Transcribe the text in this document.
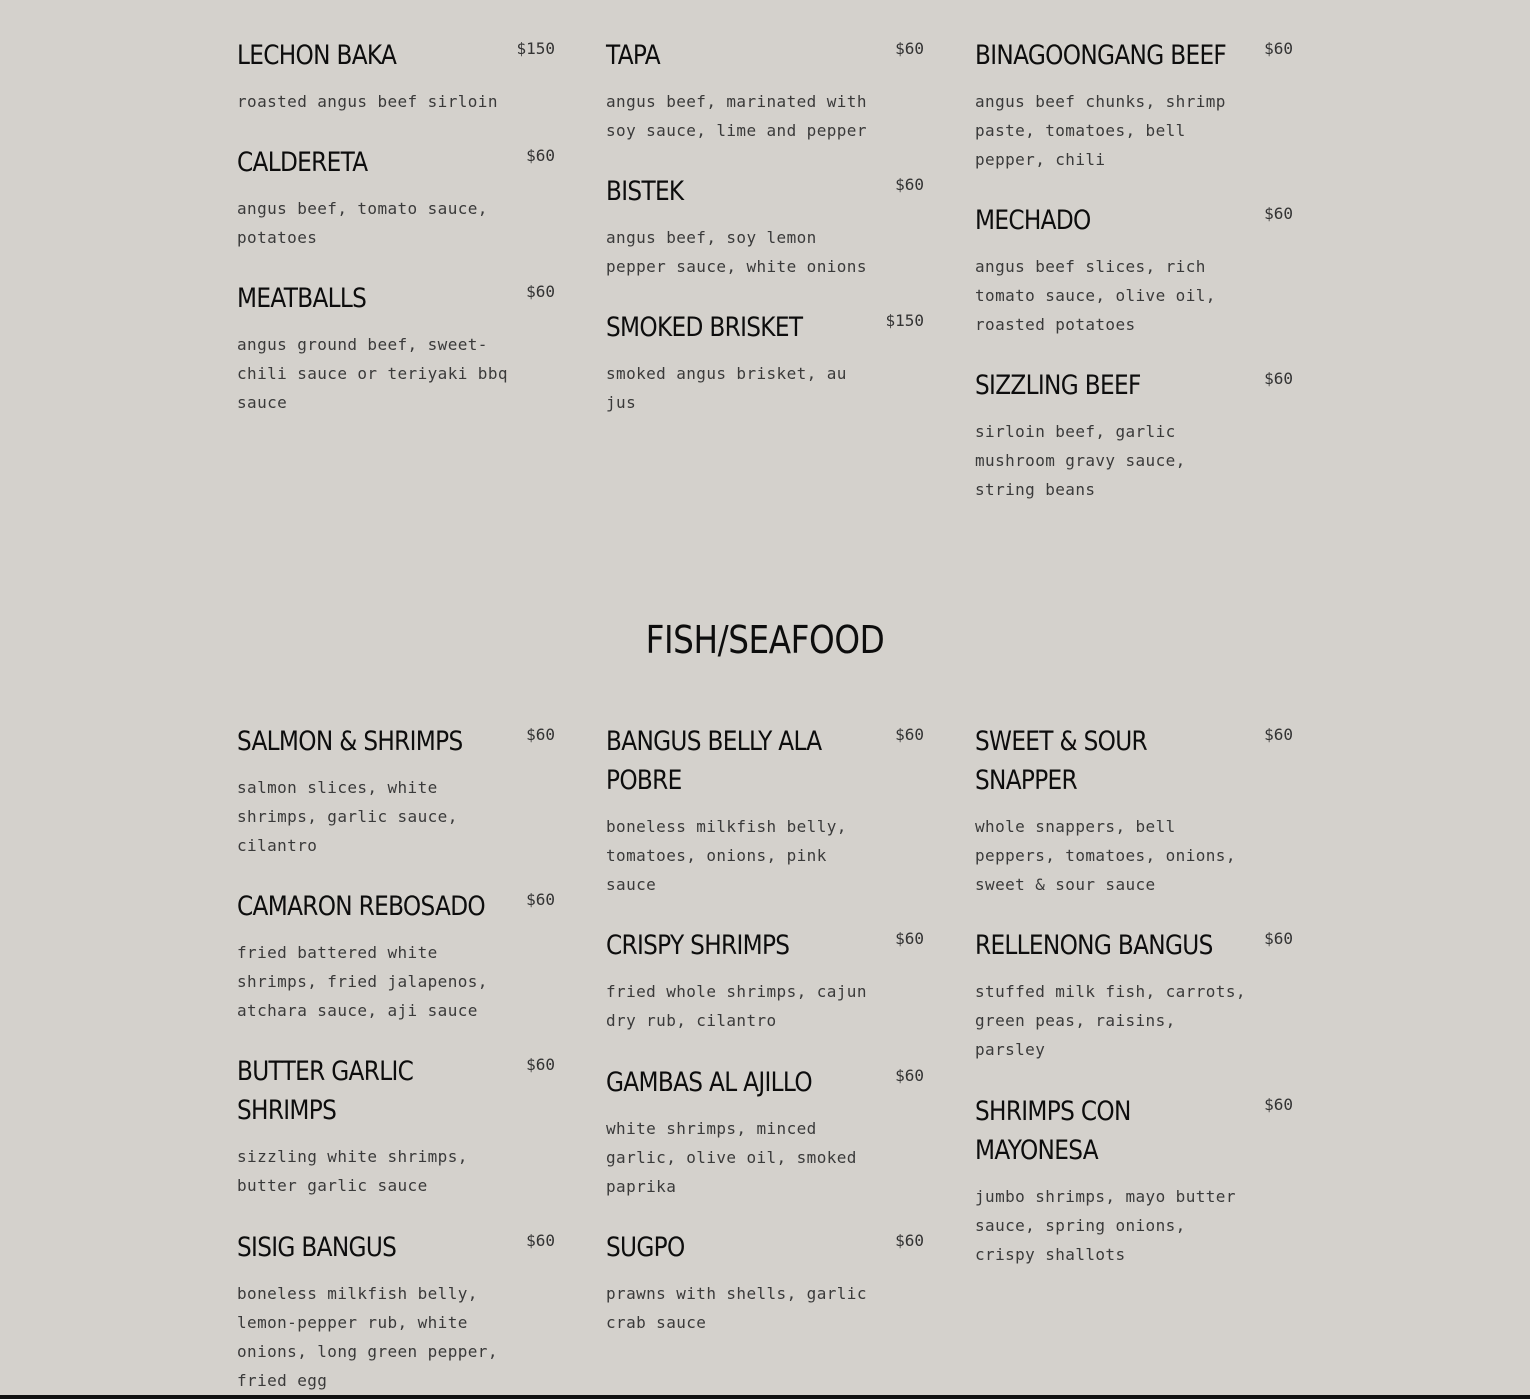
LECHON BAKA	$150
roasted angus beef sirloin
CALDERETA	$60
angus beef, tomato sauce, potatoes
MEATBALLS	$60
angus ground beef, sweet-chili sauce or teriyaki bbq sauce
TAPA	$60
angus beef, marinated with soy sauce, lime and pepper
BISTEK	$60
angus beef, soy lemon pepper sauce, white onions
SMOKED BRISKET	$150
smoked angus brisket, au jus
BINAGOONGANG BEEF	$60
angus beef chunks, shrimp paste, tomatoes, bell pepper, chili
MECHADO	$60
angus beef slices, rich tomato sauce, olive oil, roasted potatoes
SIZZLING BEEF	$60
sirloin beef, garlic mushroom gravy sauce, string beans
FISH/SEAFOOD
SALMON & SHRIMPS	$60
salmon slices, white shrimps, garlic sauce, cilantro
CAMARON REBOSADO	$60
fried battered white shrimps, fried jalapenos, atchara sauce, aji sauce
BUTTER GARLIC SHRIMPS
$60
sizzling white shrimps, butter garlic sauce
SISIG BANGUS	$60
boneless milkfish belly, lemon-pepper rub, white onions, long green pepper, fried egg
BANGUS BELLY ALA POBRE
$60
boneless milkfish belly, tomatoes, onions, pink sauce
CRISPY SHRIMPS	$60
fried whole shrimps, cajun dry rub, cilantro
GAMBAS AL AJILLO	$60
white shrimps, minced garlic, olive oil, smoked paprika
SUGPO	$60
prawns with shells, garlic crab sauce
SWEET & SOUR SNAPPER
$60
whole snappers, bell peppers, tomatoes, onions, sweet & sour sauce
RELLENONG BANGUS	$60
stuffed milk fish, carrots, green peas, raisins, parsley
SHRIMPS CON MAYONESA
$60
jumbo shrimps, mayo butter sauce, spring onions, crispy shallots
